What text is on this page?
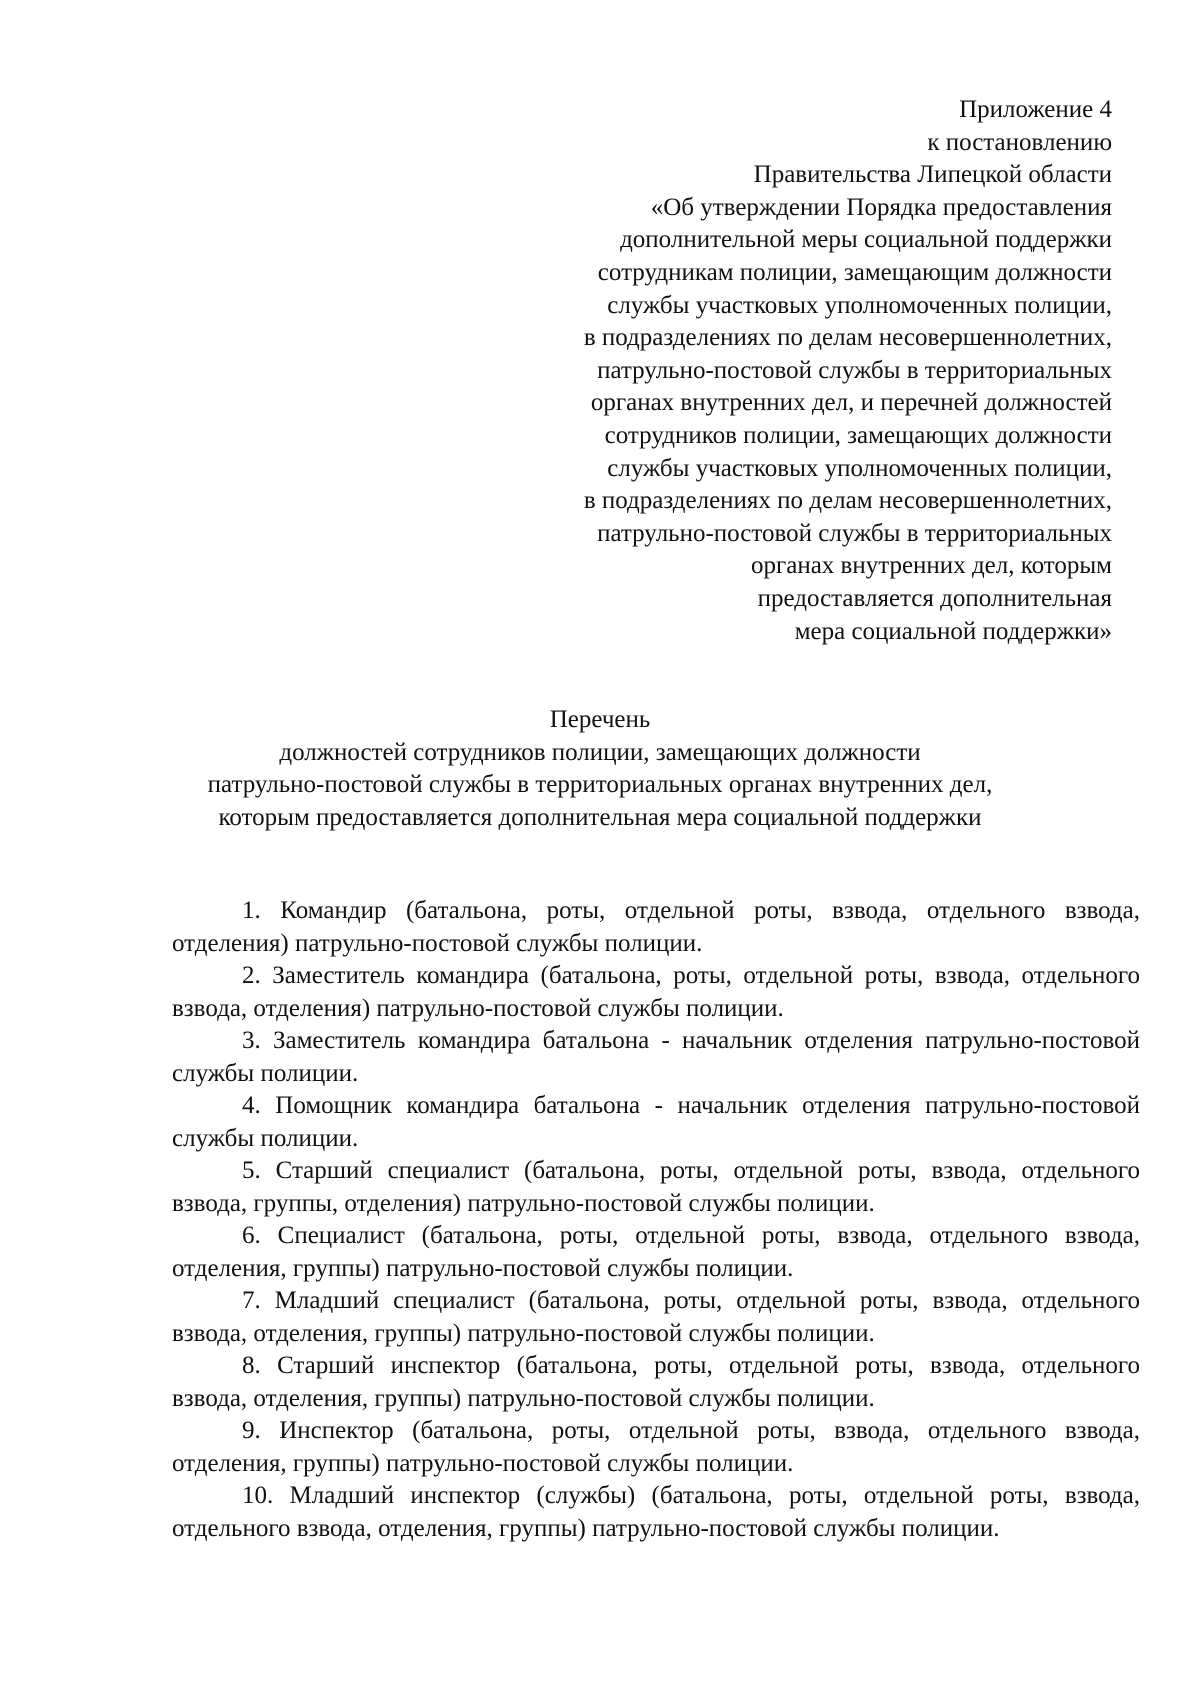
Приложение 4
к постановлению
Правительства Липецкой области
«Об утверждении Порядка предоставления
дополнительной меры социальной поддержки
сотрудникам полиции, замещающим должности
службы участковых уполномоченных полиции,
в подразделениях по делам несовершеннолетних,
патрульно-постовой службы в территориальных
органах внутренних дел, и перечней должностей
сотрудников полиции, замещающих должности
службы участковых уполномоченных полиции,
в подразделениях по делам несовершеннолетних,
патрульно-постовой службы в территориальных
органах внутренних дел, которым
предоставляется дополнительная
мера социальной поддержки»
Перечень
должностей сотрудников полиции, замещающих должности
патрульно-постовой службы в территориальных органах внутренних дел,
которым предоставляется дополнительная мера социальной поддержки

1. Командир (батальона, роты, отдельной роты, взвода, отдельного взвода, отделения) патрульно-постовой службы полиции.

2. Заместитель командира (батальона, роты, отдельной роты, взвода, отдельного взвода, отделения) патрульно-постовой службы полиции.

3. Заместитель командира батальона - начальник отделения патрульно-постовой службы полиции.

4. Помощник командира батальона - начальник отделения патрульно-постовой службы полиции.

5. Старший специалист (батальона, роты, отдельной роты, взвода, отдельного взвода, группы, отделения) патрульно-постовой службы полиции.

6. Специалист (батальона, роты, отдельной роты, взвода, отдельного взвода, отделения, группы) патрульно-постовой службы полиции.

7. Младший специалист (батальона, роты, отдельной роты, взвода, отдельного взвода, отделения, группы) патрульно-постовой службы полиции.

8. Старший инспектор (батальона, роты, отдельной роты, взвода, отдельного взвода, отделения, группы) патрульно-постовой службы полиции.

9. Инспектор (батальона, роты, отдельной роты, взвода, отдельного взвода, отделения, группы) патрульно-постовой службы полиции.

10. Младший инспектор (службы) (батальона, роты, отдельной роты, взвода, отдельного взвода, отделения, группы) патрульно-постовой службы полиции.
